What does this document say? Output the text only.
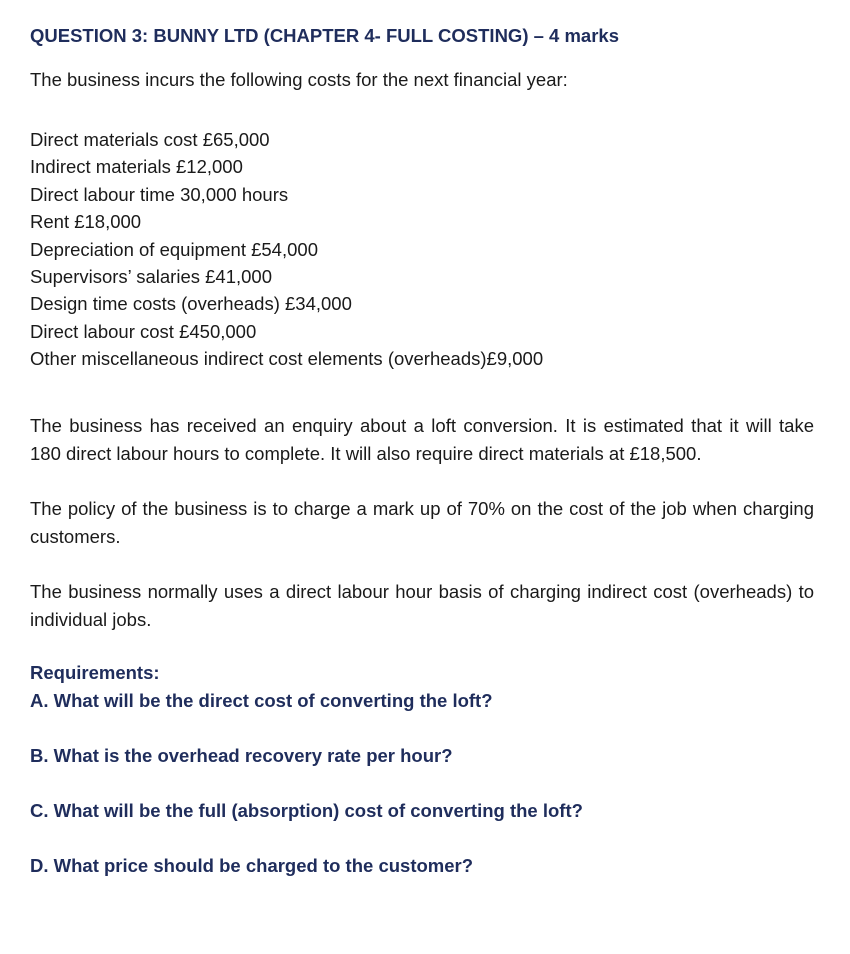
QUESTION 3: BUNNY LTD (CHAPTER 4- FULL COSTING) – 4 marks
The business incurs the following costs for the next financial year:
Direct materials cost £65,000
Indirect materials £12,000
Direct labour time 30,000 hours
Rent £18,000
Depreciation of equipment £54,000
Supervisors’ salaries £41,000
Design time costs (overheads) £34,000
Direct labour cost £450,000
Other miscellaneous indirect cost elements (overheads)£9,000

The business has received an enquiry about a loft conversion. It is estimated that it will take 180 direct labour hours to complete. It will also require direct materials at £18,500.

The policy of the business is to charge a mark up of 70% on the cost of the job when charging customers.

The business normally uses a direct labour hour basis of charging indirect cost (overheads) to individual jobs.

Requirements:
A. What will be the direct cost of converting the loft?
B. What is the overhead recovery rate per hour?
C. What will be the full (absorption) cost of converting the loft?
D. What price should be charged to the customer?
